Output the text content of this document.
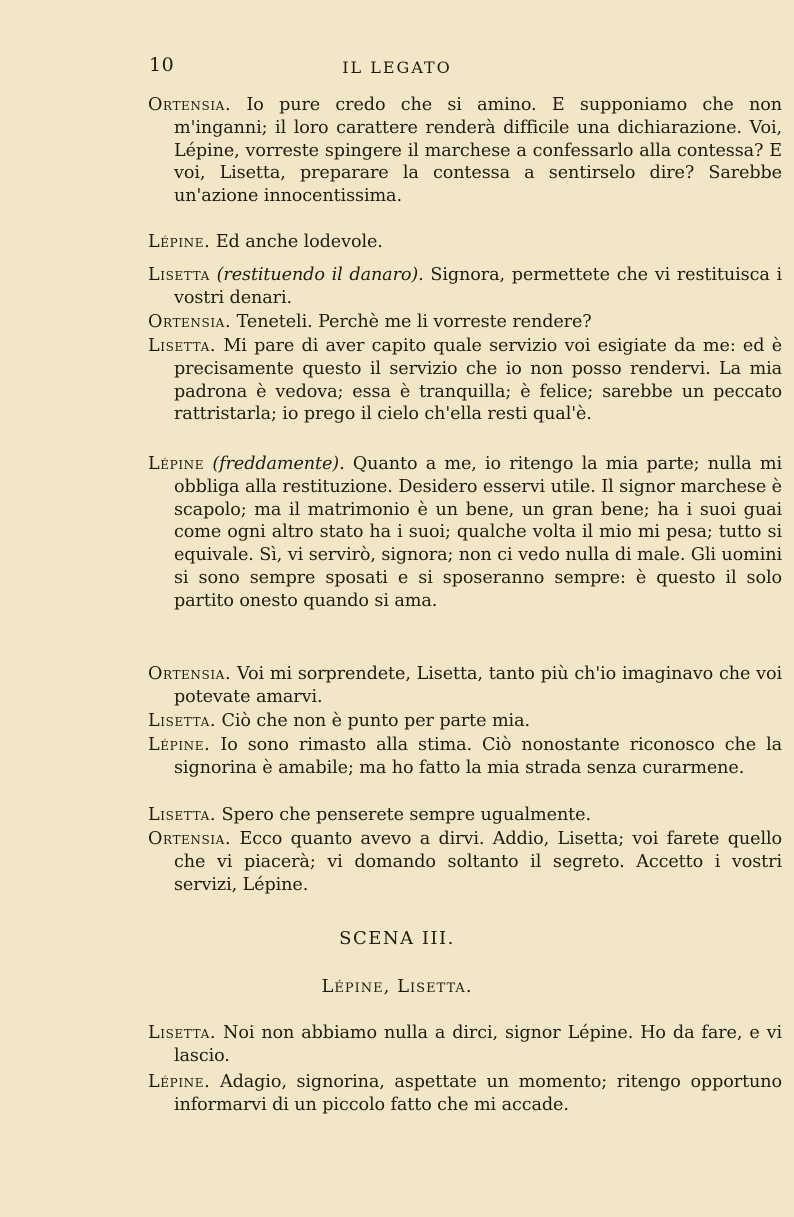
10	IL LEGATO

Ortensia. Io pure credo che si amino. E supponiamo che non m'inganni; il loro carattere renderà difficile una dichiarazione. Voi, Lépine, vorreste spingere il marchese a confessarlo alla contessa? E voi, Lisetta, preparare la contessa a sentirselo dire? Sarebbe un'azione innocentissima.

Lépine. Ed anche lodevole.

Lisetta (restituendo il danaro). Signora, permettete che vi restituisca i vostri denari.

Ortensia. Teneteli. Perchè me li vorreste rendere?

Lisetta. Mi pare di aver capito quale servizio voi esigiate da me: ed è precisamente questo il servizio che io non posso rendervi. La mia padrona è vedova; essa è tranquilla; è felice; sarebbe un peccato rattristarla; io prego il cielo ch'ella resti qual'è.

Lépine (freddamente). Quanto a me, io ritengo la mia parte; nulla mi obbliga alla restituzione. Desidero esservi utile. Il signor marchese è scapolo; ma il matrimonio è un bene, un gran bene; ha i suoi guai come ogni altro stato ha i suoi; qualche volta il mio mi pesa; tutto si equivale. Sì, vi servirò, signora; non ci vedo nulla di male. Gli uomini si sono sempre sposati e si sposeranno sempre: è questo il solo partito onesto quando si ama.

Ortensia. Voi mi sorprendete, Lisetta, tanto più ch'io imaginavo che voi potevate amarvi.

Lisetta. Ciò che non è punto per parte mia.

Lépine. Io sono rimasto alla stima. Ciò nonostante riconosco che la signorina è amabile; ma ho fatto la mia strada senza curarmene.

Lisetta. Spero che penserete sempre ugualmente.

Ortensia. Ecco quanto avevo a dirvi. Addio, Lisetta; voi farete quello che vi piacerà; vi domando soltanto il segreto. Accetto i vostri servizi, Lépine.

SCENA III.
Lépine, Lisetta.

Lisetta. Noi non abbiamo nulla a dirci, signor Lépine. Ho da fare, e vi lascio.

Lépine. Adagio, signorina, aspettate un momento; ritengo opportuno informarvi di un piccolo fatto che mi accade.
